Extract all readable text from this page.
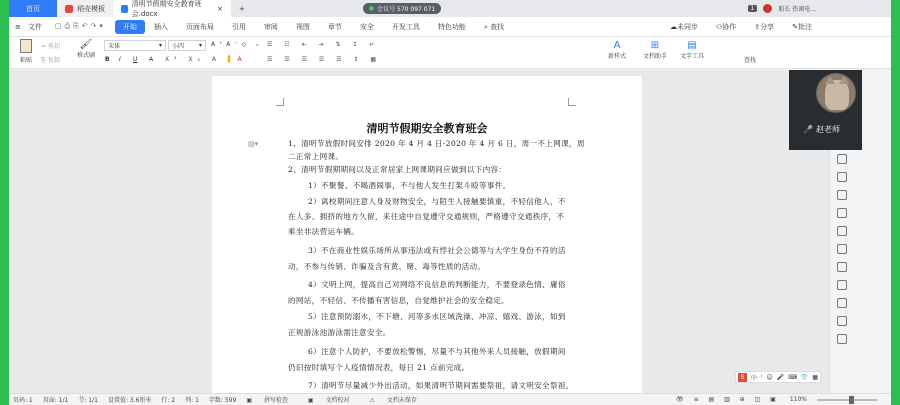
首页	稻壳模板
清明节假期安全教育班会.docx
×	+	● 会议号 570 097 071	1	船长 热调电...
≡	文件	▢⎙⎘↶↷▾	开始	插入	页面布局	引用	审阅	视图	章节	安全	开发工具	特色功能	⌕ 查找	☁未同步	⚇协作	⇪分享	✎批注
粘贴
✂ 剪切
⎘ 复制
🖌
格式刷
宋体	▾ 小四 ▾ A⁺A⁻◇ ᵥ
B I U A̶ X² X₂ A ▌A
☰ ☷ ⇤ ⇥ ⇅ ↕ ↵
☰ ☰ ☰ ☰ ☰ ⇕ ▦
A
新样式
⊞
文档助手
▤
文字工具
查找
▤▾
清明节假期安全教育班会
1、清明节放假时间安排 2020 年 4 月 4 日-2020 年 4 月 6 日，周一不上网课，周
二正常上网课。
2、清明节假期期间以及正常居家上网课期间应做到以下内容：
1）不聚餐、不喝酒闹事，不与他人发生打架斗殴等事件。
2）离校期间注意人身及财物安全，与陌生人接触要慎重，不轻信他人，不
在人多、拥挤的地方久留，来往途中自觉遵守交通规则，严格遵守交通秩序，不
乘坐非法营运车辆。
3）不在商业性娱乐场所从事违法或有悖社会公德等与大学生身份不符的活
动，不参与传销、诈骗及含有黄、赌、毒等性质的活动。
4）文明上网，提高自己对网络不良信息的判断能力，不要登录色情、庸俗
的网站，不轻信、不传播有害信息，自觉维护社会的安全稳定。
5）注意预防溺水，不下塘、河等多水区域洗澡、冲凉、嬉戏、游泳，如到
正规游泳池游泳需注意安全。
6）注意个人防护，不要放松警惕，尽量不与其他外来人员接触，放假期间
仍旧按时填写个人疫情情况表，每日 21 点前完成。
7）清明节尽量减少外出活动，如果清明节期间需要祭祖，请文明安全祭祖，
S	中 ⁾ ☺ 🎤 ⌨ 👕 ▦
页码: 1 页面: 1/1 节: 1/1 设置值: 3.6厘米 行: 2 列: 1 字数: 599 ▣ 拼写检查	▣ 文档校对	⚠ 文档未保存	👁 ≡ ▤ ▥ ⊕ ◫ ▣ 110%
🎤 赵老师
